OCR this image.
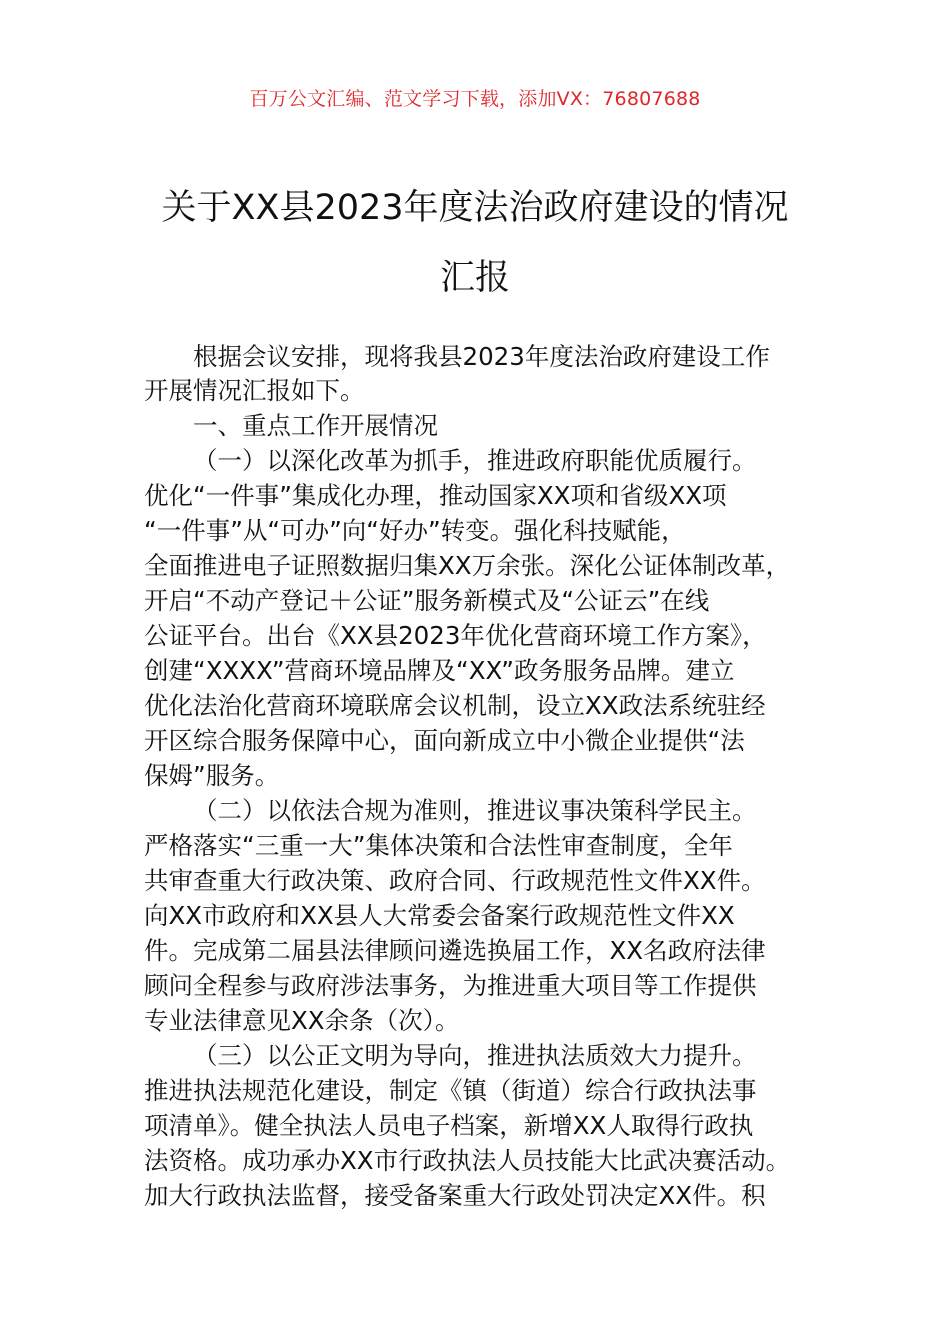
百万公文汇编、范文学习下载，添加VX：76807688
关于XX县2023年度法治政府建设的情况
汇报
根据会议安排，现将我县2023年度法治政府建设工作
开展情况汇报如下。
一、重点工作开展情况
（一）以深化改革为抓手，推进政府职能优质履行。
优化“一件事”集成化办理，推动国家XX项和省级XX项
“一件事”从“可办”向“好办”转变。强化科技赋能，
全面推进电子证照数据归集XX万余张。深化公证体制改革，
开启“不动产登记＋公证”服务新模式及“公证云”在线
公证平台。出台《XX县2023年优化营商环境工作方案》，
创建“XXXX”营商环境品牌及“XX”政务服务品牌。建立
优化法治化营商环境联席会议机制，设立XX政法系统驻经
开区综合服务保障中心，面向新成立中小微企业提供“法
保姆”服务。
（二）以依法合规为准则，推进议事决策科学民主。
严格落实“三重一大”集体决策和合法性审查制度，全年
共审查重大行政决策、政府合同、行政规范性文件XX件。
向XX市政府和XX县人大常委会备案行政规范性文件XX
件。完成第二届县法律顾问遴选换届工作，XX名政府法律
顾问全程参与政府涉法事务，为推进重大项目等工作提供
专业法律意见XX余条（次）。
（三）以公正文明为导向，推进执法质效大力提升。
推进执法规范化建设，制定《镇（街道）综合行政执法事
项清单》。健全执法人员电子档案，新增XX人取得行政执
法资格。成功承办XX市行政执法人员技能大比武决赛活动。
加大行政执法监督，接受备案重大行政处罚决定XX件。积
